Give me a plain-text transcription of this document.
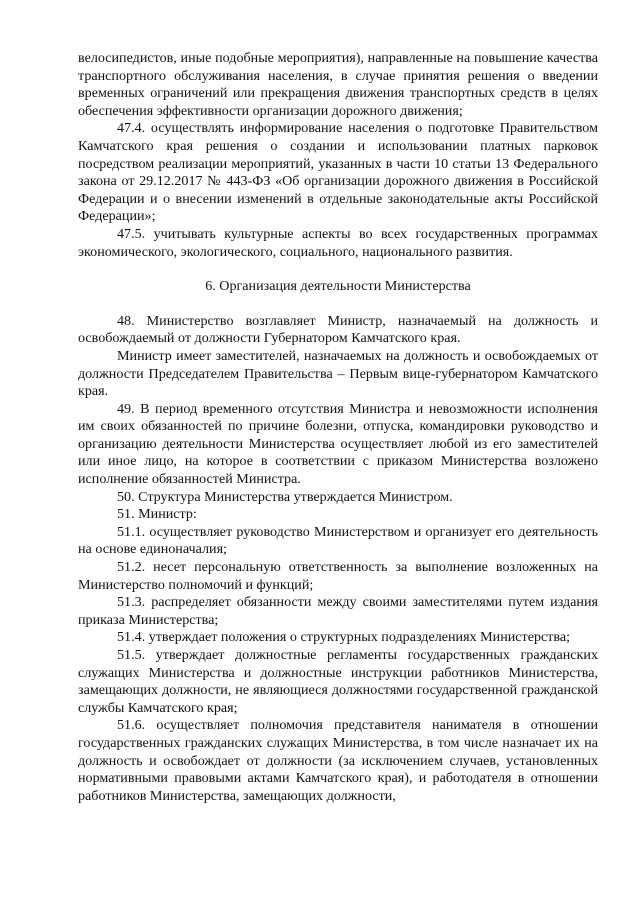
велосипедистов, иные подобные мероприятия), направленные на повышение качества транспортного обслуживания населения, в случае принятия решения о введении временных ограничений или прекращения движения транспортных средств в целях обеспечения эффективности организации дорожного движения;

47.4. осуществлять информирование населения о подготовке Правительством Камчатского края решения о создании и использовании платных парковок посредством реализации мероприятий, указанных в части 10 статьи 13 Федерального закона от 29.12.2017 № 443-ФЗ «Об организации дорожного движения в Российской Федерации и о внесении изменений в отдельные законодательные акты Российской Федерации»;

47.5. учитывать культурные аспекты во всех государственных программах экономического, экологического, социального, национального развития.

6. Организация деятельности Министерства

48. Министерство возглавляет Министр, назначаемый на должность и освобождаемый от должности Губернатором Камчатского края.

Министр имеет заместителей, назначаемых на должность и освобождаемых от должности Председателем Правительства – Первым вице-губернатором Камчатского края.

49. В период временного отсутствия Министра и невозможности исполнения им своих обязанностей по причине болезни, отпуска, командировки руководство и организацию деятельности Министерства осуществляет любой из его заместителей или иное лицо, на которое в соответствии с приказом Министерства возложено исполнение обязанностей Министра.

50. Структура Министерства утверждается Министром.

51. Министр:

51.1. осуществляет руководство Министерством и организует его деятельность на основе единоначалия;

51.2. несет персональную ответственность за выполнение возложенных на Министерство полномочий и функций;

51.3. распределяет обязанности между своими заместителями путем издания приказа Министерства;

51.4. утверждает положения о структурных подразделениях Министерства;

51.5. утверждает должностные регламенты государственных гражданских служащих Министерства и должностные инструкции работников Министерства, замещающих должности, не являющиеся должностями государственной гражданской службы Камчатского края;

51.6. осуществляет полномочия представителя нанимателя в отношении государственных гражданских служащих Министерства, в том числе назначает их на должность и освобождает от должности (за исключением случаев, установленных нормативными правовыми актами Камчатского края), и работодателя в отношении работников Министерства, замещающих должности,
